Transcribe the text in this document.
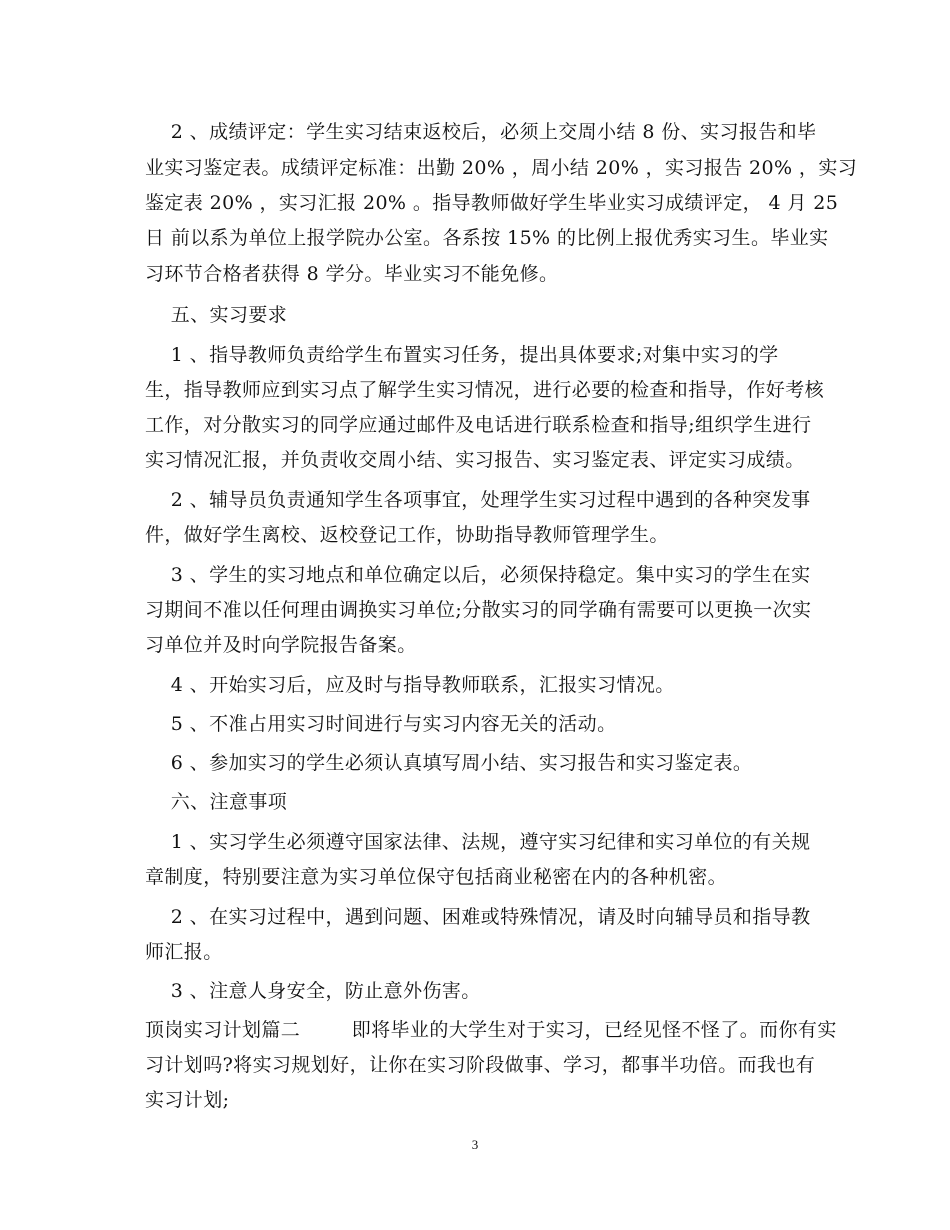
2 、成绩评定：学生实习结束返校后，必须上交周小结 8 份、实习报告和毕
业实习鉴定表。成绩评定标准：出勤 20% ，周小结 20% ，实习报告 20% ，实习
鉴定表 20% ，实习汇报 20% 。指导教师做好学生毕业实习成绩评定， 4 月 25
日 前以系为单位上报学院办公室。各系按 15% 的比例上报优秀实习生。毕业实
习环节合格者获得 8 学分。毕业实习不能免修。
五、实习要求
1 、指导教师负责给学生布置实习任务，提出具体要求;对集中实习的学
生，指导教师应到实习点了解学生实习情况，进行必要的检查和指导，作好考核
工作，对分散实习的同学应通过邮件及电话进行联系检查和指导;组织学生进行
实习情况汇报，并负责收交周小结、实习报告、实习鉴定表、评定实习成绩。
2 、辅导员负责通知学生各项事宜，处理学生实习过程中遇到的各种突发事
件，做好学生离校、返校登记工作，协助指导教师管理学生。
3 、学生的实习地点和单位确定以后，必须保持稳定。集中实习的学生在实
习期间不准以任何理由调换实习单位;分散实习的同学确有需要可以更换一次实
习单位并及时向学院报告备案。
4 、开始实习后，应及时与指导教师联系，汇报实习情况。
5 、不准占用实习时间进行与实习内容无关的活动。
6 、参加实习的学生必须认真填写周小结、实习报告和实习鉴定表。
六、注意事项
1 、实习学生必须遵守国家法律、法规，遵守实习纪律和实习单位的有关规
章制度，特别要注意为实习单位保守包括商业秘密在内的各种机密。
2 、在实习过程中，遇到问题、困难或特殊情况，请及时向辅导员和指导教
师汇报。
3 、注意人身安全，防止意外伤害。
顶岗实习计划篇二        即将毕业的大学生对于实习，已经见怪不怪了。而你有实
习计划吗?将实习规划好，让你在实习阶段做事、学习，都事半功倍。而我也有
实习计划;
3
